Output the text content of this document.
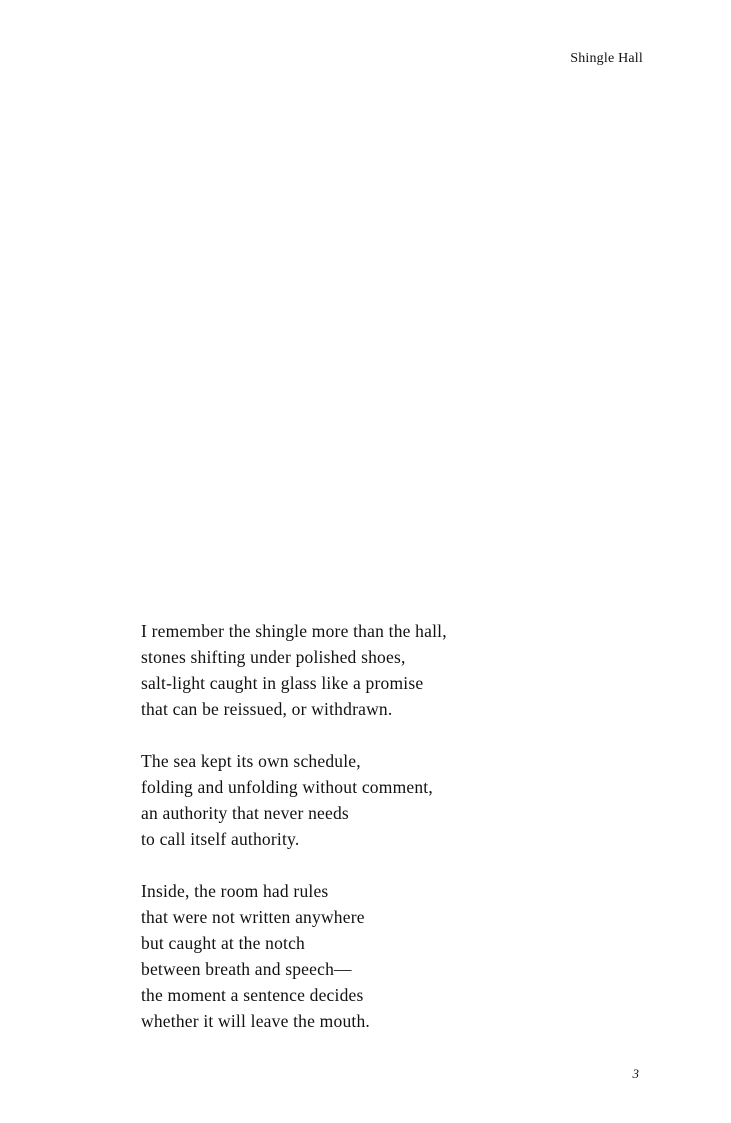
Shingle Hall
I remember the shingle more than the hall,
stones shifting under polished shoes,
salt-light caught in glass like a promise
that can be reissued, or withdrawn.
The sea kept its own schedule,
folding and unfolding without comment,
an authority that never needs
to call itself authority.
Inside, the room had rules
that were not written anywhere
but caught at the notch
between breath and speech—
the moment a sentence decides
whether it will leave the mouth.
3
